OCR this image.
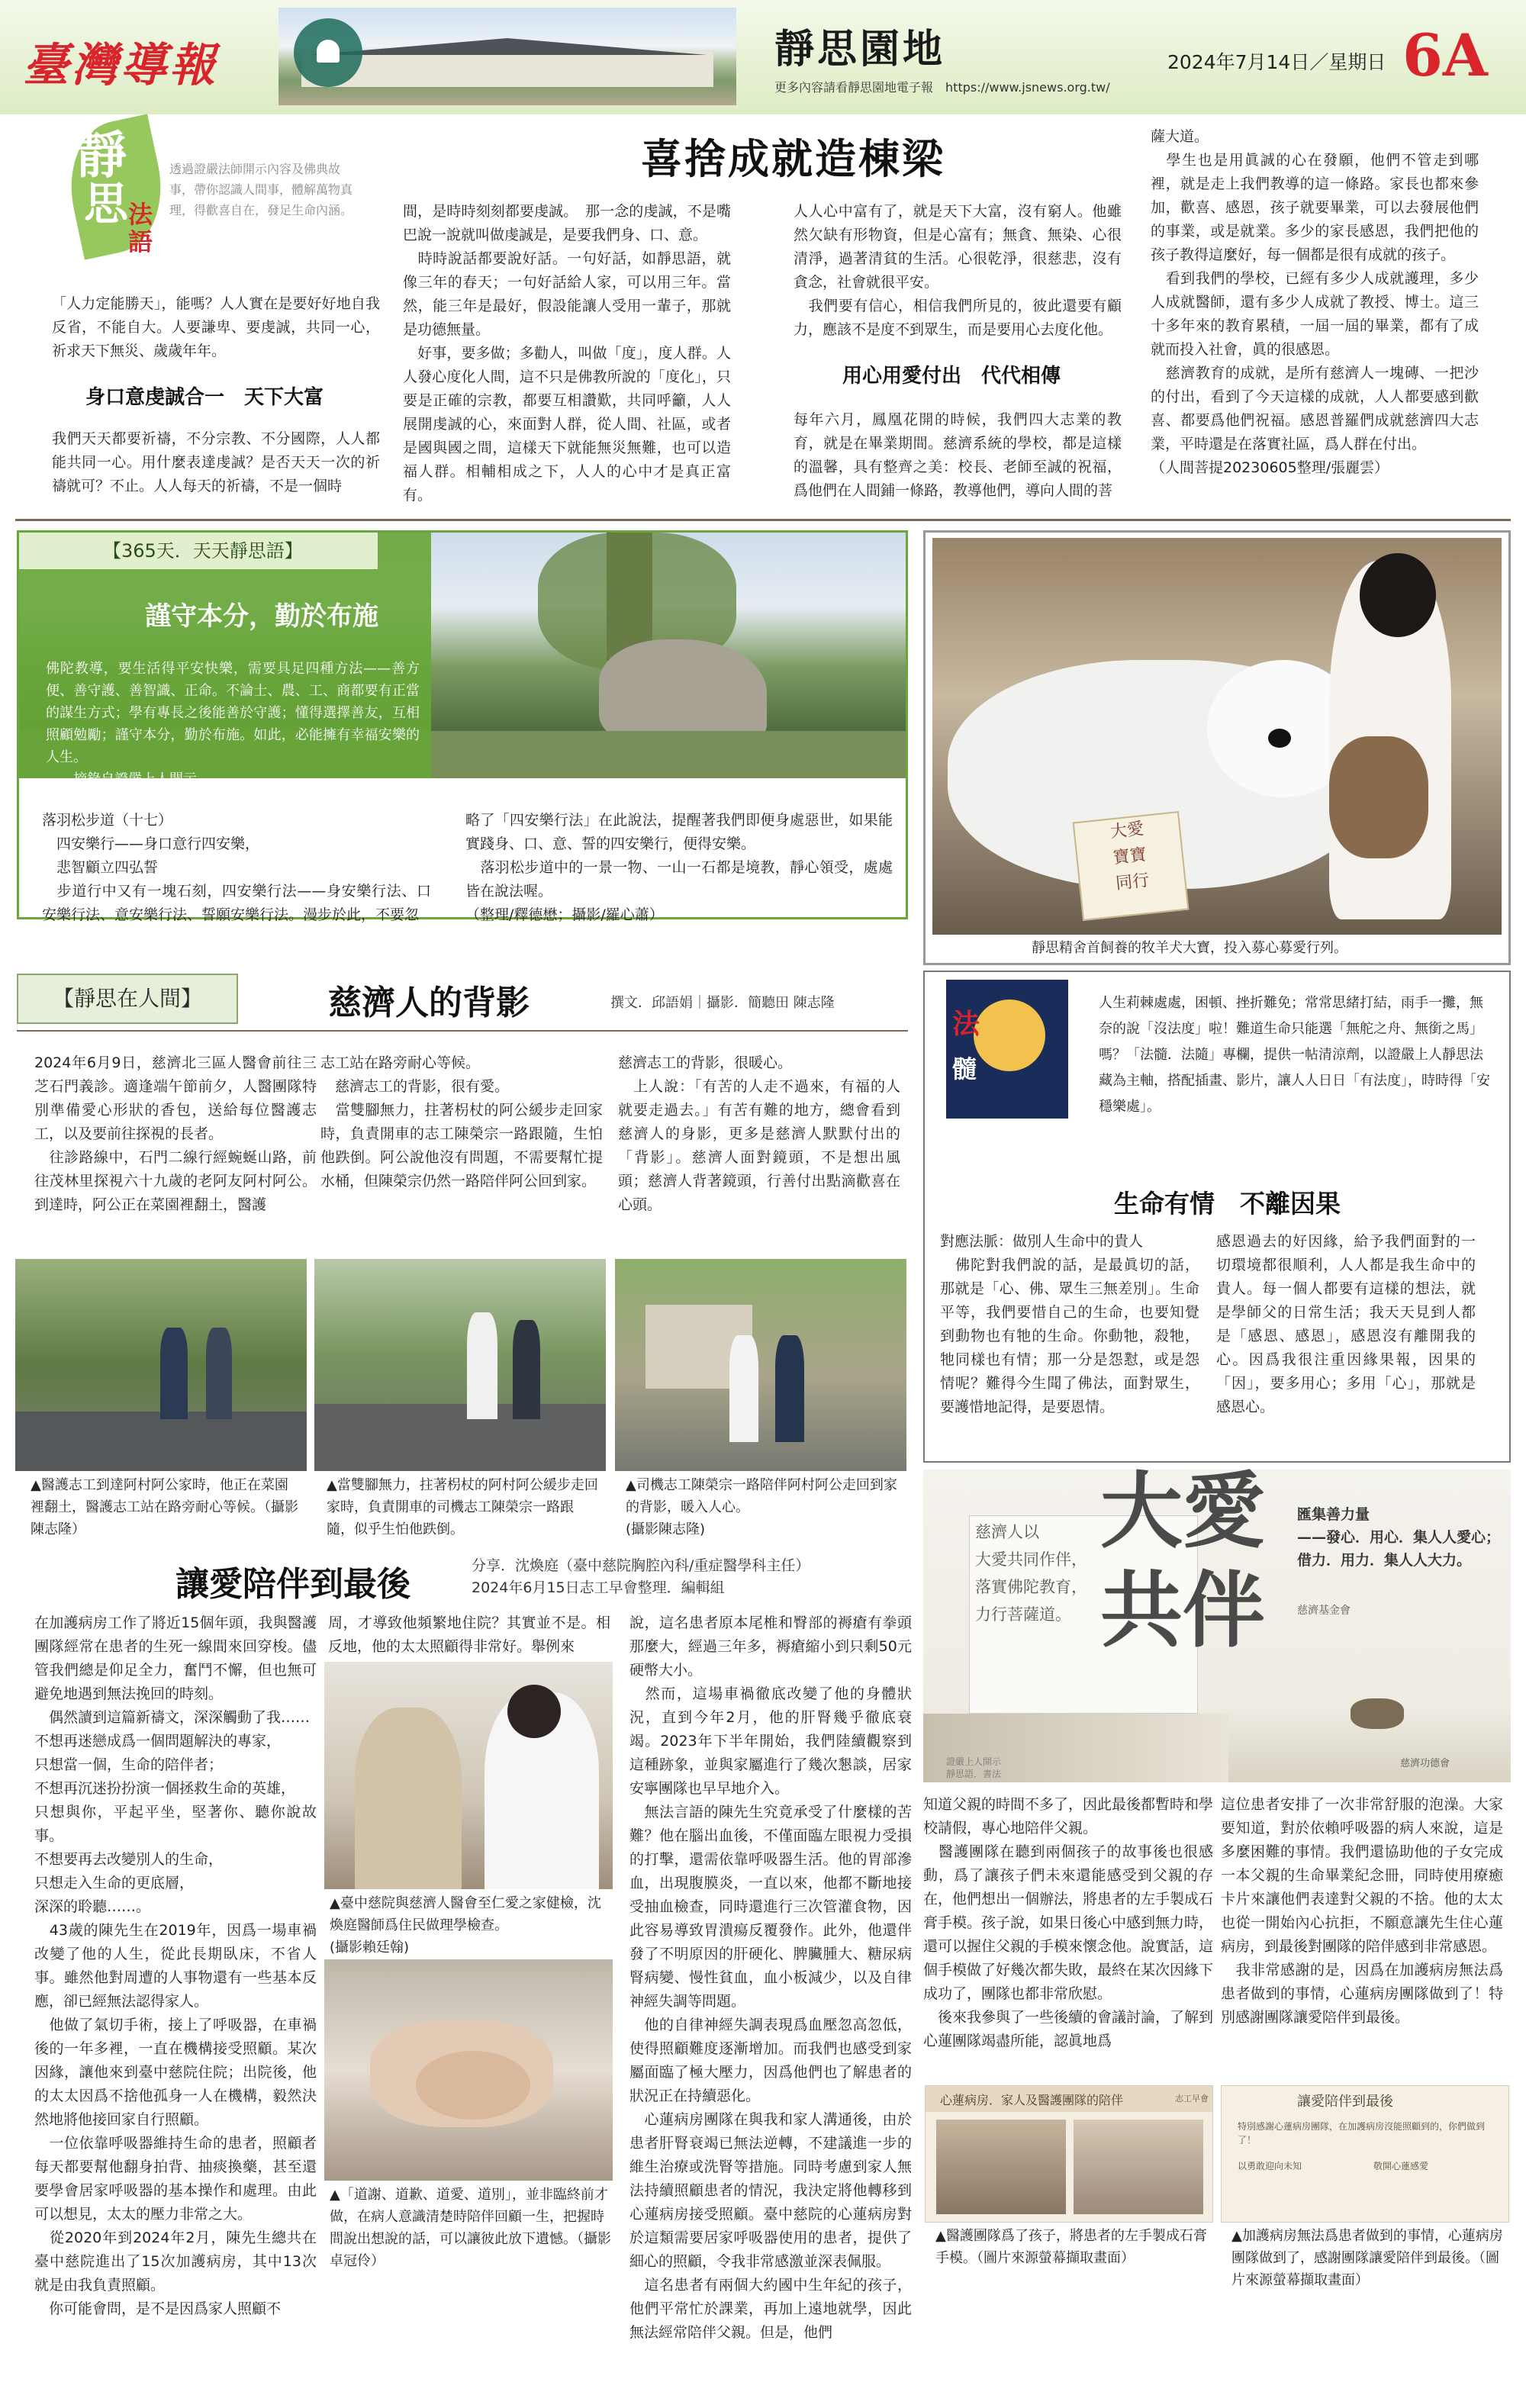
臺灣導報	靜思園地
更多內容請看靜思園地電子報　 https://www.jsnews.org.tw/
2024年7月14日／星期日 6A
靜
思 法
語
透過證嚴法師開示內容及佛典故事，帶你認識人間事，體解萬物真理，得歡喜自在，發足生命內涵。
喜捨成就造棟梁
「人力定能勝天」，能嗎？人人實在是要好好地自我反省，不能自大。人要謙卑、要虔誠，共同一心，祈求天下無災、歲歲年年。
身口意虔誠合一　天下大富
我們天天都要祈禱，不分宗教、不分國際，人人都能共同一心。用什麼表達虔誠？是否天天一次的祈禱就可？不止。人人每天的祈禱，不是一個時
間，是時時刻刻都要虔誠。　那一念的虔誠，不是嘴巴說一說就叫做虔誠是，是要我們身、口、意。
　時時說話都要說好話。一句好話，如靜思語，就像三年的春天；一句好話給人家，可以用三年。當然，能三年是最好，假設能讓人受用一輩子，那就是功德無量。
　好事，要多做；多勸人，叫做「度」，度人群。人人發心度化人間，這不只是佛教所說的「度化」，只要是正確的宗教，都要互相讚歎，共同呼籲，人人展開虔誠的心，來面對人群，從人間、社區，或者是國與國之間，這樣天下就能無災無難，也可以造福人群。相輔相成之下，人人的心中才是真正富有。
人人心中富有了，就是天下大富，沒有窮人。他雖然欠缺有形物資，但是心富有；無貪、無染、心很清淨，過著清貧的生活。心很乾淨，很慈悲，沒有貪念，社會就很平安。
　我們要有信心，相信我們所見的，彼此還要有顧力，應該不是度不到眾生，而是要用心去度化他。
用心用愛付出　代代相傳
每年六月，鳳凰花開的時候，我們四大志業的教育，就是在畢業期間。慈濟系統的學校，都是這樣的溫馨，具有整齊之美：校長、老師至誠的祝福，爲他們在人間鋪一條路，教導他們，導向人間的菩
薩大道。
　學生也是用眞誠的心在發願，他們不管走到哪裡，就是走上我們教導的這一條路。家長也都來參加，歡喜、感恩，孩子就要畢業，可以去發展他們的事業，或是就業。多少的家長感恩，我們把他的孩子教得這麼好，每一個都是很有成就的孩子。
　看到我們的學校，已經有多少人成就護理，多少人成就醫師，還有多少人成就了教授、博士。這三十多年來的教育累積，一屆一屆的畢業，都有了成就而投入社會，眞的很感恩。
　慈濟教育的成就，是所有慈濟人一塊磚、一把沙的付出，看到了今天這樣的成就，人人都要感到歡喜、都要爲他們祝福。感恩普羅們成就慈濟四大志業，平時還是在落實社區，爲人群在付出。
（人間菩提20230605整理/張麗雲）
【365天．天天靜思語】
謹守本分，勤於布施
佛陀教導，要生活得平安快樂，需要具足四種方法——善方便、善守護、善智識、正命。不論士、農、工、商都要有正當的謀生方式；學有專長之後能善於守護；懂得選擇善友，互相照顧勉勵；謹守本分，勤於布施。如此，必能擁有幸福安樂的人生。
——摘錄自證嚴上人開示
落羽松步道（十七）
　四安樂行——身口意行四安樂，
　悲智顧立四弘誓
　步道行中又有一塊石刻，四安樂行法——身安樂行法、口安樂行法、意安樂行法、誓願安樂行法。漫步於此，不要忽
略了「四安樂行法」在此說法，提醒著我們即便身處惡世，如果能實踐身、口、意、誓的四安樂行，便得安樂。
　落羽松步道中的一景一物、一山一石都是境教，靜心領受，處處皆在說法喔。
（整理/釋德懋；攝影/羅心蕭）
大愛
寶寶
同行
靜思精舍首飼養的牧羊犬大寶，投入募心募愛行列。
法
髓
人生莉棘處處，困頓、挫折難免；常常思緒打結，雨手一攤，無奈的說「沒法度」啦！難道生命只能選「無舵之舟、無銜之馬」嗎？「法髓．法隨」專欄，提供一帖清涼劑，以證嚴上人靜思法藏為主軸，搭配插畫、影片，讓人人日日「有法度」，時時得「安穩樂處」。
生命有情　不離因果
對應法脈：做別人生命中的貴人
　佛陀對我們說的話，是最眞切的話，那就是「心、佛、眾生三無差別」。生命平等，我們要惜自己的生命，也要知覺到動物也有牠的生命。你動牠，殺牠，牠同樣也有情；那一分是怨懟，或是怨情呢？難得今生聞了佛法，面對眾生，要護惜地記得，是要恩情。
感恩過去的好因緣，給予我們面對的一切環境都很順利，人人都是我生命中的貴人。每一個人都要有這樣的想法，就是學師父的日常生活；我天天見到人都是「感恩、感恩」，感恩沒有離開我的心。因爲我很注重因緣果報，因果的「因」，要多用心；多用「心」，那就是感恩心。
【靜思在人間】	慈濟人的背影	撰文．邱語娟｜攝影．簡聽田 陳志隆
2024年6月9日，慈濟北三區人醫會前往三芝石門義診。適逢端午節前夕，人醫團隊特別準備愛心形狀的香包，送給每位醫護志工，以及要前往探視的長者。
　往診路線中，石門二線行經蜿蜒山路，前往茂林里探視六十九歲的老阿友阿村阿公。到達時，阿公正在菜園裡翻土，醫護
志工站在路旁耐心等候。
　慈濟志工的背影，很有愛。
　當雙腳無力，拄著枴杖的阿公緩步走回家時，負責開車的志工陳榮宗一路跟隨，生怕他跌倒。阿公說他沒有問題，不需要幫忙提水桶，但陳榮宗仍然一路陪伴阿公回到家。
慈濟志工的背影，很暖心。
　上人說：「有苦的人走不過來，有福的人就要走過去。」有苦有難的地方，總會看到慈濟人的身影，更多是慈濟人默默付出的「背影」。慈濟人面對鏡頭，不是想出風頭；慈濟人背著鏡頭，行善付出點滴歡喜在心頭。
▲醫護志工到達阿村阿公家時，他正在菜園裡翻土，醫護志工站在路旁耐心等候。（攝影陳志隆）
▲當雙腳無力，拄著枴杖的阿村阿公緩步走回家時，負責開車的司機志工陳榮宗一路跟隨，似乎生怕他跌倒。
▲司機志工陳榮宗一路陪伴阿村阿公走回到家的背影，暖入人心。
(攝影陳志隆)	大愛
共伴
匯集善力量
——發心．用心．集人人愛心；
借力．用力．集人人大力。
慈濟人以
大愛共同作伴，
落實佛陀教育，
力行菩薩道。	慈濟基金會
慈濟功德會
證嚴上人開示
靜思語．書法
讓愛陪伴到最後	分享．沈煥庭（臺中慈院胸腔內科/重症醫學科主任）
2024年6月15日志工早會整理．編輯組
在加護病房工作了將近15個年頭，我與醫護團隊經常在患者的生死一線間來回穿梭。儘管我們總是仰足全力，奮鬥不懈，但也無可避免地遇到無法挽回的時刻。
　偶然讀到這篇新禱文，深深觸動了我……
不想再迷戀成爲一個問題解決的專家，
只想當一個，生命的陪伴者；
不想再沉迷扮扮演一個拯救生命的英雄，
只想與你，平起平坐，堅著你、聽你說故事。
不想要再去改變別人的生命，
只想走入生命的更底層，
深深的聆聽……。
　43歲的陳先生在2019年，因爲一場車禍改變了他的人生，從此長期臥床，不省人事。雖然他對周遭的人事物還有一些基本反應，卻已經無法認得家人。
　他做了氣切手術，接上了呼吸器，在車禍後的一年多裡，一直在機構接受照顧。某次因緣，讓他來到臺中慈院住院；出院後，他的太太因爲不捨他孤身一人在機構，毅然決然地將他接回家自行照顧。
　一位依靠呼吸器維持生命的患者，照顧者每天都要幫他翻身拍背、抽痰換藥，甚至還要學會居家呼吸器的基本操作和處理。由此可以想見，太太的壓力非常之大。
　從2020年到2024年2月，陳先生總共在臺中慈院進出了15次加護病房，其中13次就是由我負責照顧。
　你可能會問，是不是因爲家人照顧不
周，才導致他頻繁地住院？其實並不是。相反地，他的太太照顧得非常好。舉例來
▲臺中慈院與慈濟人醫會至仁愛之家健檢，沈煥庭醫師爲住民做理學檢查。
(攝影賴廷翰)
▲「道謝、道歉、道愛、道別」，並非臨終前才做，在病人意識清楚時陪伴回顧一生，把握時間說出想說的話，可以讓彼此放下遺憾。（攝影卓冠伶）
說，這名患者原本尾椎和臀部的褥瘡有拳頭那麼大，經過三年多，褥瘡縮小到只剩50元硬幣大小。
　然而，這場車禍徹底改變了他的身體狀況，直到今年2月，他的肝腎幾乎徹底衰竭。2023年下半年開始，我們陸續觀察到這種跡象，並與家屬進行了幾次懇談，居家安寧團隊也早早地介入。
　無法言語的陳先生究竟承受了什麼樣的苦難？他在腦出血後，不僅面臨左眼視力受損的打擊，還需依靠呼吸器生活。他的胃部滲血，出現腹膜炎，一直以來，他都不斷地接受抽血檢查，同時還進行三次管灌食物，因此容易導致胃潰瘍反覆發作。此外，他還伴發了不明原因的肝硬化、脾臟腫大、糖尿病腎病變、慢性貧血，血小板減少，以及自律神經失調等問題。
　他的自律神經失調表現爲血壓忽高忽低，使得照顧難度逐漸增加。而我們也感受到家屬面臨了極大壓力，因爲他們也了解患者的狀況正在持續惡化。
　心蓮病房團隊在與我和家人溝通後，由於患者肝腎衰竭已無法逆轉，不建議進一步的維生治療或洗腎等措施。同時考慮到家人無法持續照顧患者的情況，我決定將他轉移到心蓮病房接受照顧。臺中慈院的心蓮病房對於這類需要居家呼吸器使用的患者，提供了細心的照顧，令我非常感激並深表佩服。
　這名患者有兩個大約國中生年紀的孩子，他們平常忙於課業，再加上遠地就學，因此無法經常陪伴父親。但是，他們
知道父親的時間不多了，因此最後都暫時和學校請假，專心地陪伴父親。
　醫護團隊在聽到兩個孩子的故事後也很感動，爲了讓孩子們未來還能感受到父親的存在，他們想出一個辦法，將患者的左手製成石膏手模。孩子說，如果日後心中感到無力時，還可以握住父親的手模來懷念他。說實話，這個手模做了好幾次都失敗，最終在某次因緣下成功了，團隊也都非常欣慰。
　後來我參與了一些後續的會議討論，了解到心蓮團隊竭盡所能，認眞地爲
這位患者安排了一次非常舒服的泡澡。大家要知道，對於依賴呼吸器的病人來說，這是多麼困難的事情。我們還協助他的子女完成一本父親的生命畢業紀念冊，同時使用療癒卡片來讓他們表達對父親的不捨。他的太太也從一開始內心抗拒，不願意讓先生住心蓮病房，到最後對團隊的陪伴感到非常感恩。
　我非常感謝的是，因爲在加護病房無法爲患者做到的事情，心蓮病房團隊做到了！特別感謝團隊讓愛陪伴到最後。
心蓮病房．家人及醫護團隊的陪伴	志工早會	讓愛陪伴到最後
特別感謝心蓮病房團隊，在加護病房沒能照顧到的，你們做到了！
以勇敢迎向未知	敬開心蓮感愛
▲醫護團隊爲了孩子，將患者的左手製成石膏手模。（圖片來源螢幕擷取畫面）
▲加護病房無法爲患者做到的事情，心蓮病房團隊做到了，感謝團隊讓愛陪伴到最後。（圖片來源螢幕擷取畫面）
